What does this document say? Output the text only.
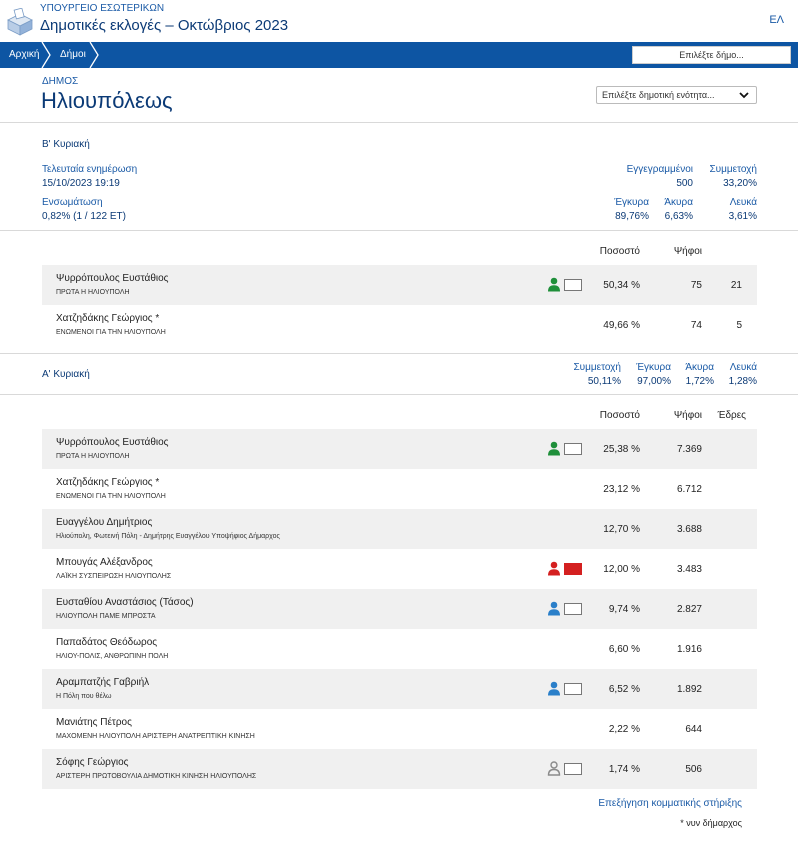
ΥΠΟΥΡΓΕΙΟ ΕΣΩΤΕΡΙΚΩΝ
Δημοτικές εκλογές – Οκτώβριος 2023	ΕΛ
Αρχική Δήμοι	Επιλέξτε δήμο...
ΔΗΜΟΣ
Ηλιουπόλεως	Επιλέξτε δημοτική ενότητα...
Β' Κυριακή
Τελευταία ενημέρωση
15/10/2023 19:19
Ενσωμάτωση
0,82% (1 / 122 ΕΤ)
Εγγεγραμμένοι
500
Συμμετοχή
33,20%
Έγκυρα
89,76%
Άκυρα
6,63%
Λευκά
3,61%
Ποσοστό	Ψήφοι
Ψυρρόπουλος Ευστάθιος
ΠΡΩΤΑ Η ΗΛΙΟΥΠΟΛΗ
50,34 %	75	21
Χατζηδάκης Γεώργιος *
ΕΝΩΜΕΝΟΙ ΓΙΑ ΤΗΝ ΗΛΙΟΥΠΟΛΗ
49,66 %	74	5
Α' Κυριακή
Συμμετοχή
50,11%
Έγκυρα
97,00%
Άκυρα
1,72%
Λευκά
1,28%
Ποσοστό	Ψήφοι	Έδρες
Ψυρρόπουλος Ευστάθιος
ΠΡΩΤΑ Η ΗΛΙΟΥΠΟΛΗ
25,38 %	7.369
Χατζηδάκης Γεώργιος *
ΕΝΩΜΕΝΟΙ ΓΙΑ ΤΗΝ ΗΛΙΟΥΠΟΛΗ
23,12 %	6.712
Ευαγγέλου Δημήτριος
Ηλιούπολη, Φωτεινή Πόλη - Δημήτρης Ευαγγέλου Υποψήφιος Δήμαρχος
12,70 %	3.688
Μπουγάς Αλέξανδρος
ΛΑΪΚΗ ΣΥΣΠΕΙΡΩΣΗ ΗΛΙΟΥΠΟΛΗΣ
12,00 %	3.483
Ευσταθίου Αναστάσιος (Τάσος)
ΗΛΙΟΥΠΟΛΗ ΠΑΜΕ ΜΠΡΟΣΤΑ
9,74 %	2.827
Παπαδάτος Θεόδωρος
ΗΛΙΟΥ-ΠΟΛΙΣ, ΑΝΘΡΩΠΙΝΗ ΠΟΛΗ
6,60 %	1.916
Αραμπατζής Γαβριήλ
Η Πόλη που θέλω
6,52 %	1.892
Μανιάτης Πέτρος
ΜΑΧΟΜΕΝΗ ΗΛΙΟΥΠΟΛΗ ΑΡΙΣΤΕΡΗ ΑΝΑΤΡΕΠΤΙΚΗ ΚΙΝΗΣΗ
2,22 %	644
Σόφης Γεώργιος
ΑΡΙΣΤΕΡΗ ΠΡΩΤΟΒΟΥΛΙΑ ΔΗΜΟΤΙΚΗ ΚΙΝΗΣΗ ΗΛΙΟΥΠΟΛΗΣ
1,74 %	506
Επεξήγηση κομματικής στήριξης
* νυν δήμαρχος
